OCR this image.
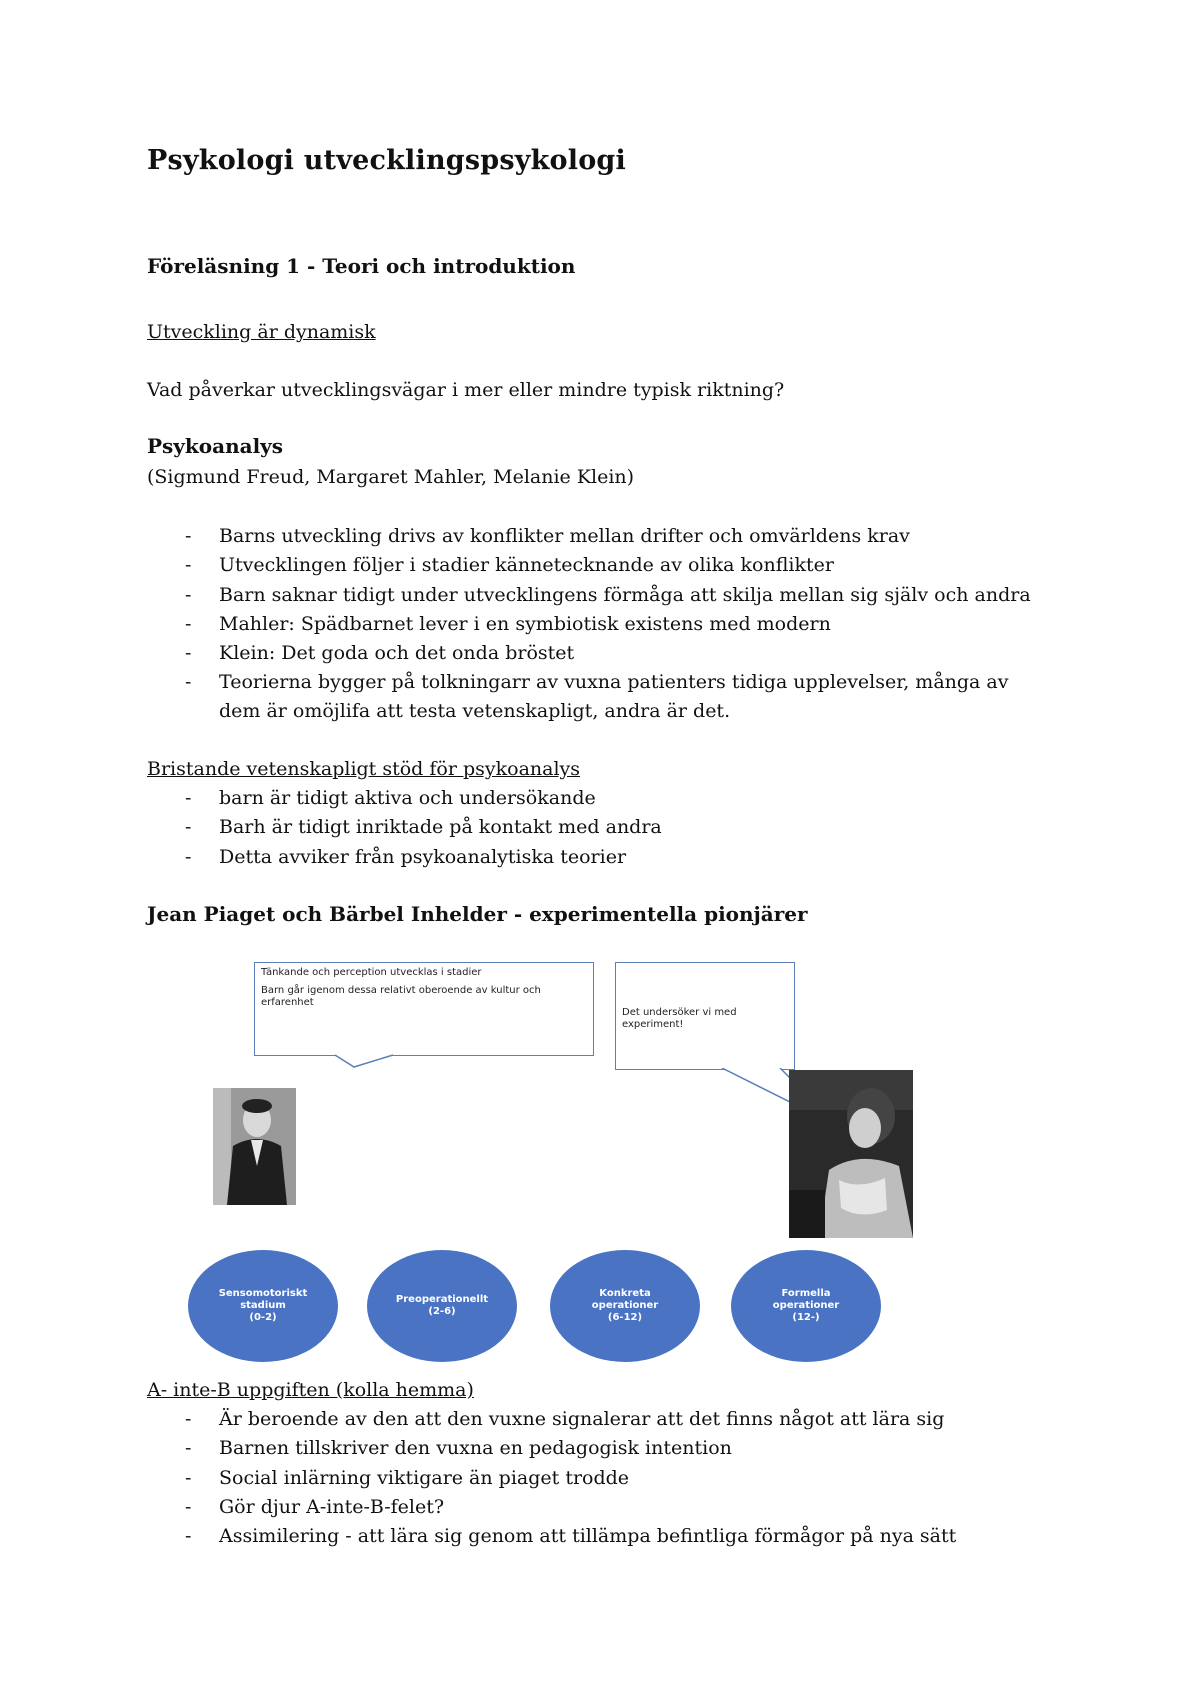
Psykologi utvecklingspsykologi
Föreläsning 1 - Teori och introduktion
Utveckling är dynamisk
Vad påverkar utvecklingsvägar i mer eller mindre typisk riktning?
Psykoanalys
(Sigmund Freud, Margaret Mahler, Melanie Klein)
- Barns utveckling drivs av konflikter mellan drifter och omvärldens krav
- Utvecklingen följer i stadier kännetecknande av olika konflikter
- Barn saknar tidigt under utvecklingens förmåga att skilja mellan sig själv och andra
- Mahler: Spädbarnet lever i en symbiotisk existens med modern
- Klein: Det goda och det onda bröstet
- Teorierna bygger på tolkningarr av vuxna patienters tidiga upplevelser, många av
dem är omöjlifa att testa vetenskapligt, andra är det.
Bristande vetenskapligt stöd för psykoanalys
- barn är tidigt aktiva och undersökande
- Barh är tidigt inriktade på kontakt med andra
- Detta avviker från psykoanalytiska teorier
Jean Piaget och Bärbel Inhelder - experimentella pionjärer
Tänkande och perception utvecklas i stadier
Barn går igenom dessa relativt oberoende av kultur och erfarenhet
Det undersöker vi med experiment!
Sensomotoriskt stadium
(0-2)
Preoperationellt
(2-6)
Konkreta operationer
(6-12)
Formella operationer
(12-)
A- inte-B uppgiften (kolla hemma)
- Är beroende av den att den vuxne signalerar att det finns något att lära sig
- Barnen tillskriver den vuxna en pedagogisk intention
- Social inlärning viktigare än piaget trodde
- Gör djur A-inte-B-felet?
- Assimilering - att lära sig genom att tillämpa befintliga förmågor på nya sätt
